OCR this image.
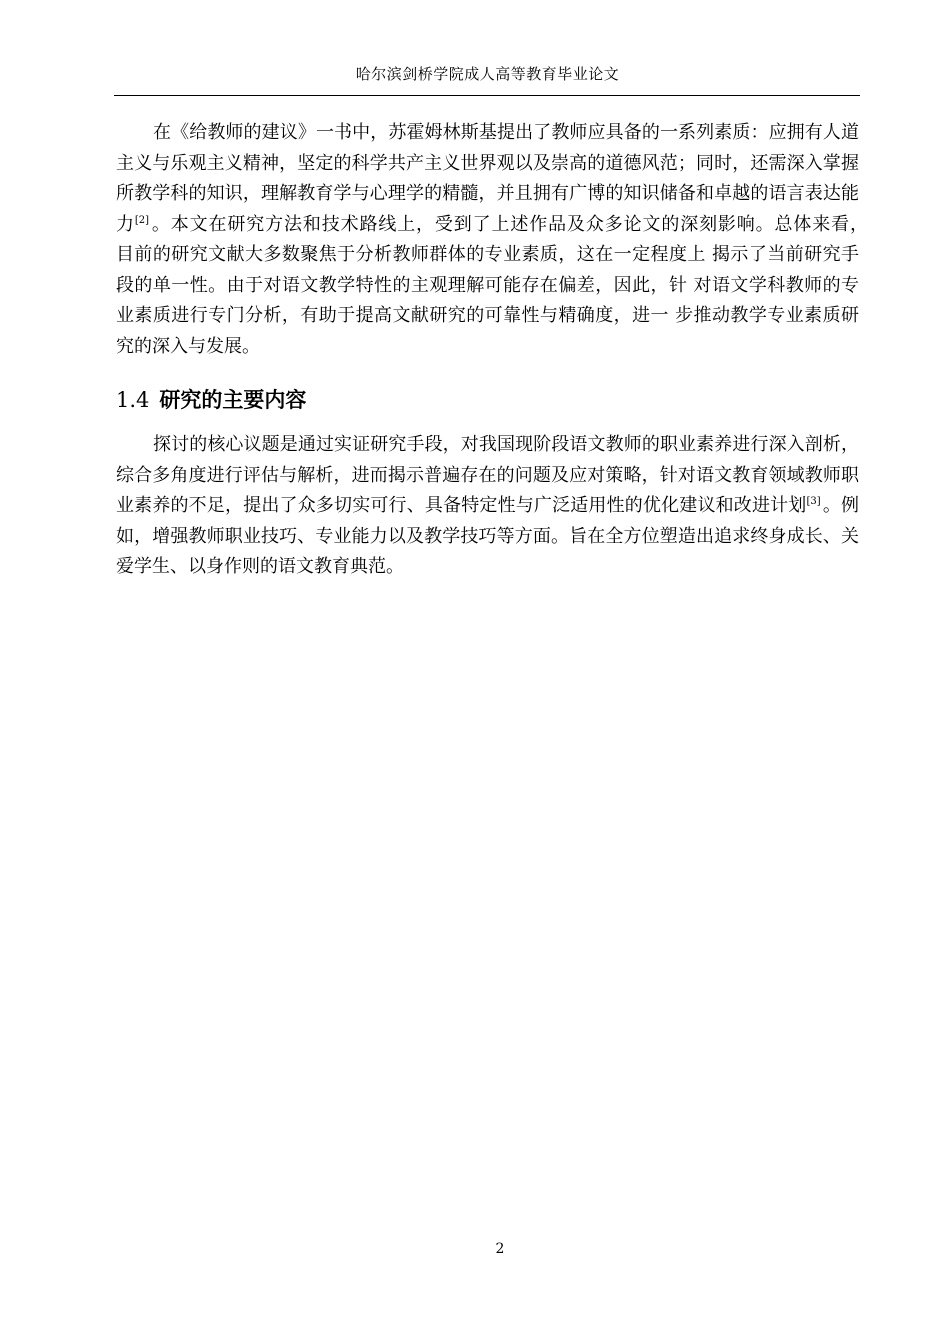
哈尔滨剑桥学院成人高等教育毕业论文

在《给教师的建议》一书中，苏霍姆林斯基提出了教师应具备的一系列素质：应拥有人道主义与乐观主义精神，坚定的科学共产主义世界观以及崇高的道德风范；同时，还需深入掌握所教学科的知识，理解教育学与心理学的精髓，并且拥有广博的知识储备和卓越的语言表达能力[2] 。本文在研究方法和技术路线上，受到了上述作品及众多论文的深刻影响。总体来看，　目前的研究文献大多数聚焦于分析教师群体的专业素质，这在一定程度上 揭示了当前研究手段的单一性。由于对语文教学特性的主观理解可能存在偏差，因此，针 对语文学科教师的专业素质进行专门分析，有助于提高文献研究的可靠性与精确度，进一 步推动教学专业素质研究的深入与发展。

1.4 研究的主要内容

探讨的核心议题是通过实证研究手段，对我国现阶段语文教师的职业素养进行深入剖析，综合多角度进行评估与解析，进而揭示普遍存在的问题及应对策略，针对语文教育领域教师职业素养的不足，提出了众多切实可行、具备特定性与广泛适用性的优化建议和改进计划[3] 。例如，增强教师职业技巧、专业能力以及教学技巧等方面。旨在全方位塑造出追求终身成长、关爱学生、以身作则的语文教育典范。

2
